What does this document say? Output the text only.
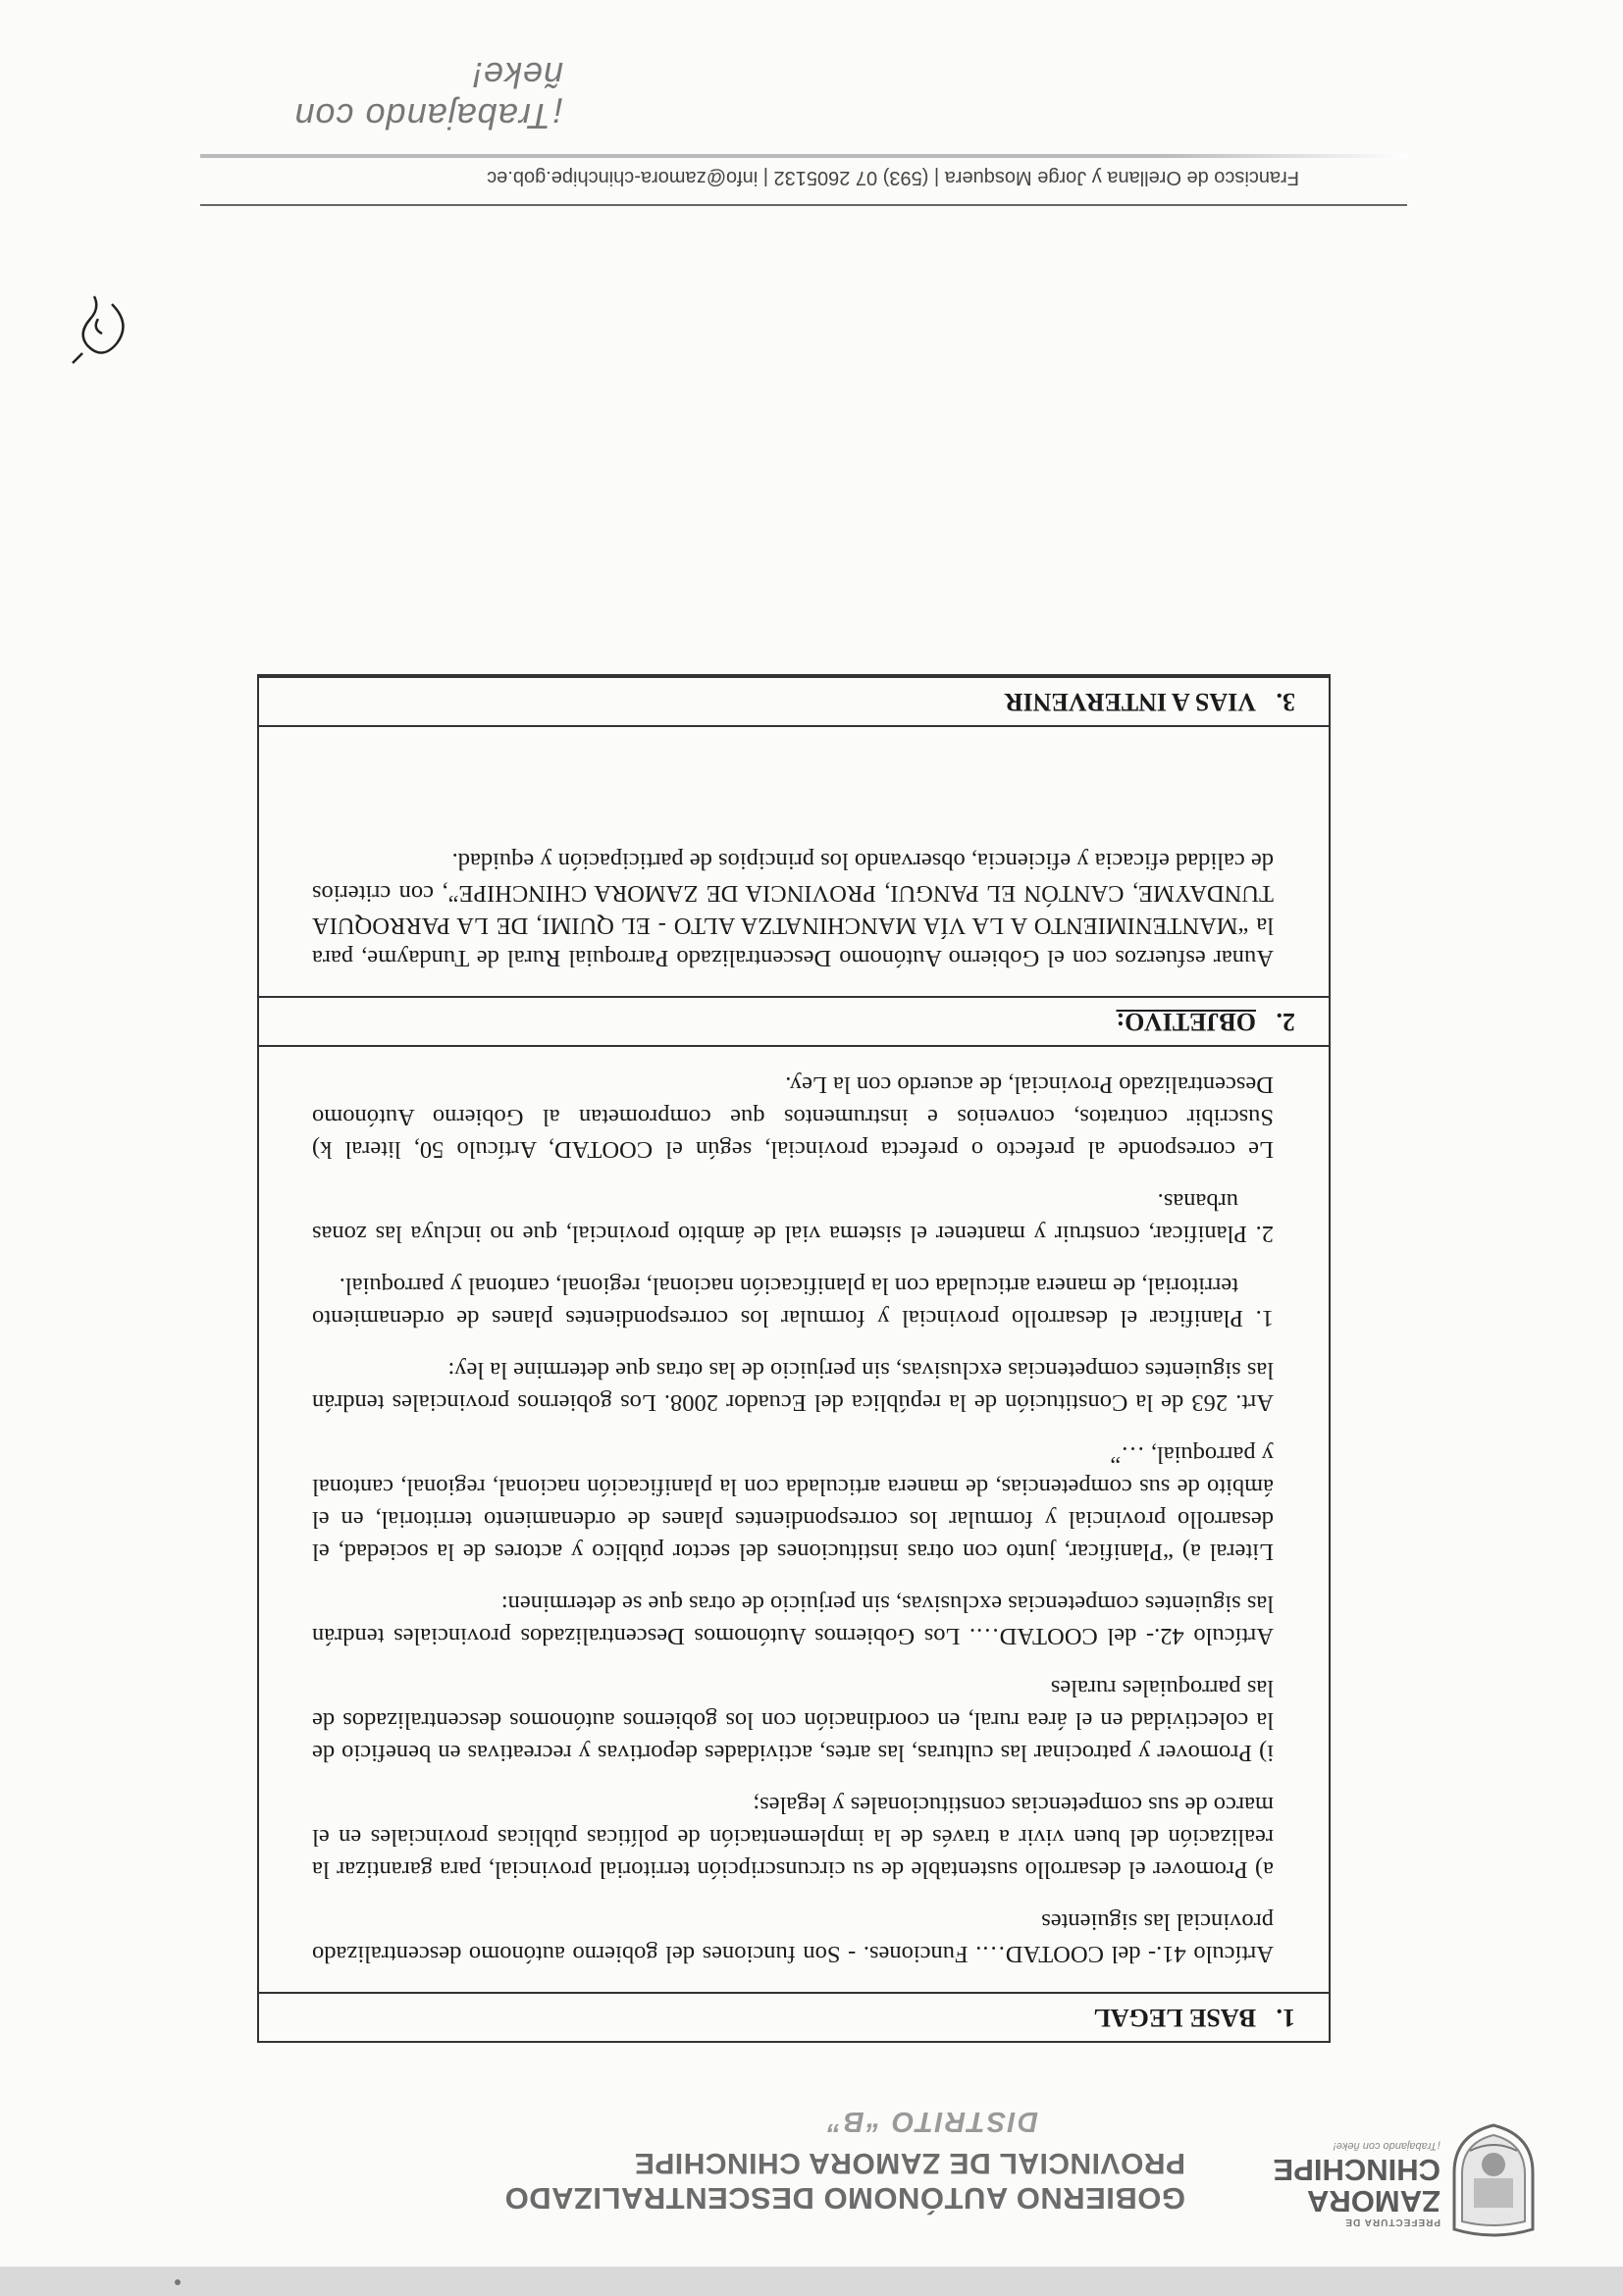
PREFECTURA DE
ZAMORA
CHINCHIPE
¡Trabajando con ñeke!
GOBIERNO AUTÓNOMO DESCENTRALIZADO
PROVINCIAL DE ZAMORA CHINCHIPE
DISTRITO “B”
1.
BASE LEGAL

Artículo 41.- del COOTAD…. Funciones. - Son funciones del gobierno autónomo descentralizado provincial las siguientes

a) Promover el desarrollo sustentable de su circunscripción territorial provincial, para garantizar la realización del buen vivir a través de la implementación de políticas públicas provinciales en el marco de sus competencias constitucionales y legales;

i) Promover y patrocinar las culturas, las artes, actividades deportivas y recreativas en beneficio de la colectividad en el área rural, en coordinación con los gobiernos autónomos descentralizados de las parroquiales rurales

Artículo 42.- del COOTAD…. Los Gobiernos Autónomos Descentralizados provinciales tendrán las siguientes competencias exclusivas, sin perjuicio de otras que se determinen:

Literal a) “Planificar, junto con otras instituciones del sector público y actores de la sociedad, el desarrollo provincial y formular los correspondientes planes de ordenamiento territorial, en el ámbito de sus competencias, de manera articulada con la planificación nacional, regional, cantonal y parroquial, …”

Art. 263 de la Constitución de la república del Ecuador 2008. Los gobiernos provinciales tendrán las siguientes competencias exclusivas, sin perjuicio de las otras que determine la ley:

1. Planificar el desarrollo provincial y formular los correspondientes planes de ordenamiento territorial, de manera articulada con la planificación nacional, regional, cantonal y parroquial.

2. Planificar, construir y mantener el sistema vial de ámbito provincial, que no incluya las zonas urbanas.

Le corresponde al prefecto o prefecta provincial, según el COOTAD, Artículo 50, literal k) Suscribir contratos, convenios e instrumentos que comprometan al Gobierno Autónomo Descentralizado Provincial, de acuerdo con la Ley.

2.
OBJETIVO:

Aunar esfuerzos con el Gobierno Autónomo Descentralizado Parroquial Rural de Tundayme, para la “MANTENIMIENTO A LA VÍA MANCHINATZA ALTO - EL QUIMI, DE LA PARROQUIA TUNDAYME, CANTÓN EL PANGUI, PROVINCIA DE ZAMORA CHINCHIPE”, con criterios de calidad eficacia y eficiencia, observando los principios de participación y equidad.

3.
VIAS A INTERVENIR
Francisco de Orellana y Jorge Mosquera | (593) 07 2605132 | info@zamora-chinchipe.gob.ec
¡Trabajando con ñeke!
